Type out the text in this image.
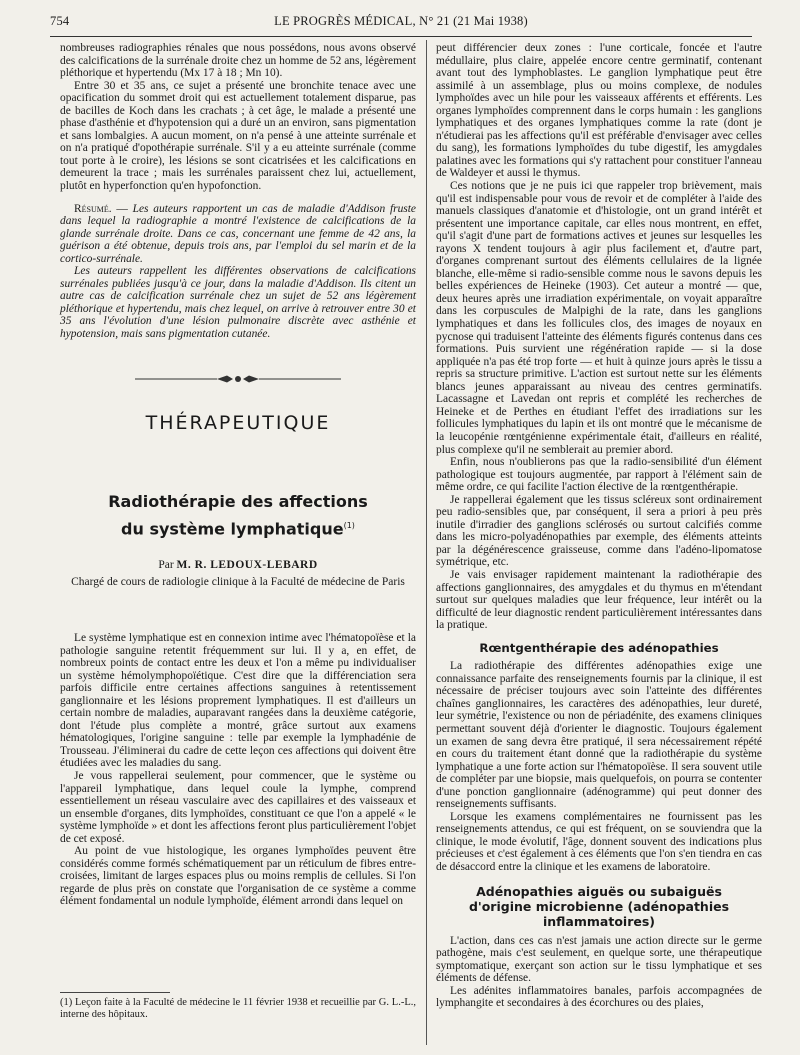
754	LE PROGRÈS MÉDICAL, N° 21 (21 Mai 1938)

nombreuses radiographies rénales que nous possédons, nous avons observé des calcifications de la surrénale droite chez un homme de 52 ans, légèrement pléthorique et hypertendu (Mx 17 à 18 ; Mn 10).

Entre 30 et 35 ans, ce sujet a présenté une bronchite tenace avec une opacification du sommet droit qui est actuellement totalement disparue, pas de bacilles de Koch dans les crachats ; à cet âge, le malade a présenté une phase d'asthénie et d'hypotension qui a duré un an environ, sans pigmentation et sans lombalgies. A aucun moment, on n'a pensé à une atteinte surrénale et on n'a pratiqué d'opothérapie surrénale. S'il y a eu atteinte surrénale (comme tout porte à le croire), les lésions se sont cicatrisées et les calcifications en demeurent la trace ; mais les surrénales paraissent chez lui, actuellement, plutôt en hyperfonction qu'en hypofonction.

Résumé. — Les auteurs rapportent un cas de maladie d'Addison fruste dans lequel la radiographie a montré l'existence de calcifications de la glande surrénale droite. Dans ce cas, concernant une femme de 42 ans, la guérison a été obtenue, depuis trois ans, par l'emploi du sel marin et de la cortico-surrénale.

Les auteurs rappellent les différentes observations de calcifications surrénales publiées jusqu'à ce jour, dans la maladie d'Addison. Ils citent un autre cas de calcification surrénale chez un sujet de 52 ans légèrement pléthorique et hypertendu, mais chez lequel, on arrive à retrouver entre 30 et 35 ans l'évolution d'une lésion pulmonaire discrète avec asthénie et hypotension, mais sans pigmentation cutanée.

THÉRAPEUTIQUE
Radiothérapie des affections
du système lymphatique$^{(1)}$
Par M. R. LEDOUX-LEBARD
Chargé de cours de radiologie clinique à la Faculté de médecine de Paris

Le système lymphatique est en connexion intime avec l'hématopoïèse et la pathologie sanguine retentit fréquemment sur lui. Il y a, en effet, de nombreux points de contact entre les deux et l'on a même pu individualiser un système hémolymphopoïétique. C'est dire que la différenciation sera parfois difficile entre certaines affections sanguines à retentissement ganglionnaire et les lésions proprement lymphatiques. Il est d'ailleurs un certain nombre de maladies, auparavant rangées dans la deuxième catégorie, dont l'étude plus complète a montré, grâce surtout aux examens hématologiques, l'origine sanguine : telle par exemple la lymphadénie de Trousseau. J'éliminerai du cadre de cette leçon ces affections qui doivent être étudiées avec les maladies du sang.

Je vous rappellerai seulement, pour commencer, que le système ou l'appareil lymphatique, dans lequel coule la lymphe, comprend essentiellement un réseau vasculaire avec des capillaires et des vaisseaux et un ensemble d'organes, dits lymphoïdes, constituant ce que l'on a appelé « le système lymphoïde » et dont les affections feront plus particulièrement l'objet de cet exposé.

Au point de vue histologique, les organes lymphoïdes peuvent être considérés comme formés schématiquement par un réticulum de fibres entre-croisées, limitant de larges espaces plus ou moins remplis de cellules. Si l'on regarde de plus près on constate que l'organisation de ce système a comme élément fondamental un nodule lymphoïde, élément arrondi dans lequel on

(1) Leçon faite à la Faculté de médecine le 11 février 1938 et recueillie par G. L.-L., interne des hôpitaux.

peut différencier deux zones : l'une corticale, foncée et l'autre médullaire, plus claire, appelée encore centre germinatif, contenant avant tout des lymphoblastes. Le ganglion lymphatique peut être assimilé à un assemblage, plus ou moins complexe, de nodules lymphoïdes avec un hile pour les vaisseaux afférents et efférents. Les organes lymphoïdes comprennent dans le corps humain : les ganglions lymphatiques et des organes lymphatiques comme la rate (dont je n'étudierai pas les affections qu'il est préférable d'envisager avec celles du sang), les formations lymphoïdes du tube digestif, les amygdales palatines avec les formations qui s'y rattachent pour constituer l'anneau de Waldeyer et aussi le thymus.

Ces notions que je ne puis ici que rappeler trop brièvement, mais qu'il est indispensable pour vous de revoir et de compléter à l'aide des manuels classiques d'anatomie et d'histologie, ont un grand intérêt et présentent une importance capitale, car elles nous montrent, en effet, qu'il s'agit d'une part de formations actives et jeunes sur lesquelles les rayons X tendent toujours à agir plus facilement et, d'autre part, d'organes comprenant surtout des éléments cellulaires de la lignée blanche, elle-même si radio-sensible comme nous le savons depuis les belles expériences de Heineke (1903). Cet auteur a montré — que, deux heures après une irradiation expérimentale, on voyait apparaître dans les corpuscules de Malpighi de la rate, dans les ganglions lymphatiques et dans les follicules clos, des images de noyaux en pycnose qui traduisent l'atteinte des éléments figurés contenus dans ces formations. Puis survient une régénération rapide — si la dose appliquée n'a pas été trop forte — et huit à quinze jours après le tissu a repris sa structure primitive. L'action est surtout nette sur les éléments blancs jeunes apparaissant au niveau des centres germinatifs. Lacassagne et Lavedan ont repris et complété les recherches de Heineke et de Perthes en étudiant l'effet des irradiations sur les follicules lymphatiques du lapin et ils ont montré que le mécanisme de la leucopénie rœntgénienne expérimentale était, d'ailleurs en réalité, plus complexe qu'il ne semblerait au premier abord.

Enfin, nous n'oublierons pas que la radio-sensibilité d'un élément pathologique est toujours augmentée, par rapport à l'élément sain de même ordre, ce qui facilite l'action élective de la rœntgenthérapie.

Je rappellerai également que les tissus scléreux sont ordinairement peu radio-sensibles que, par conséquent, il sera a priori à peu près inutile d'irradier des ganglions sclérosés ou surtout calcifiés comme dans les micro-polyadénopathies par exemple, des éléments atteints par la dégénérescence graisseuse, comme dans l'adéno-lipomatose symétrique, etc.

Je vais envisager rapidement maintenant la radiothérapie des affections ganglionnaires, des amygdales et du thymus en m'étendant surtout sur quelques maladies que leur fréquence, leur intérêt ou la difficulté de leur diagnostic rendent particulièrement intéressantes dans la pratique.

Rœntgenthérapie des adénopathies

La radiothérapie des différentes adénopathies exige une connaissance parfaite des renseignements fournis par la clinique, il est nécessaire de préciser toujours avec soin l'atteinte des différentes chaînes ganglionnaires, les caractères des adénopathies, leur dureté, leur symétrie, l'existence ou non de périadénite, des examens cliniques permettant souvent déjà d'orienter le diagnostic. Toujours également un examen de sang devra être pratiqué, il sera nécessairement répété en cours du traitement étant donné que la radiothérapie du système lymphatique a une forte action sur l'hématopoïèse. Il sera souvent utile de compléter par une biopsie, mais quelquefois, on pourra se contenter d'une ponction ganglionnaire (adénogramme) qui peut donner des renseignements suffisants.

Lorsque les examens complémentaires ne fournissent pas les renseignements attendus, ce qui est fréquent, on se souviendra que la clinique, le mode évolutif, l'âge, donnent souvent des indications plus précieuses et c'est également à ces éléments que l'on s'en tiendra en cas de désaccord entre la clinique et les examens de laboratoire.

Adénopathies aiguës ou subaiguës
d'origine microbienne (adénopathies inflammatoires)

L'action, dans ces cas n'est jamais une action directe sur le germe pathogène, mais c'est seulement, en quelque sorte, une thérapeutique symptomatique, exerçant son action sur le tissu lymphatique et ses éléments de défense.

Les adénites inflammatoires banales, parfois accompagnées de lymphangite et secondaires à des écorchures ou des plaies,
